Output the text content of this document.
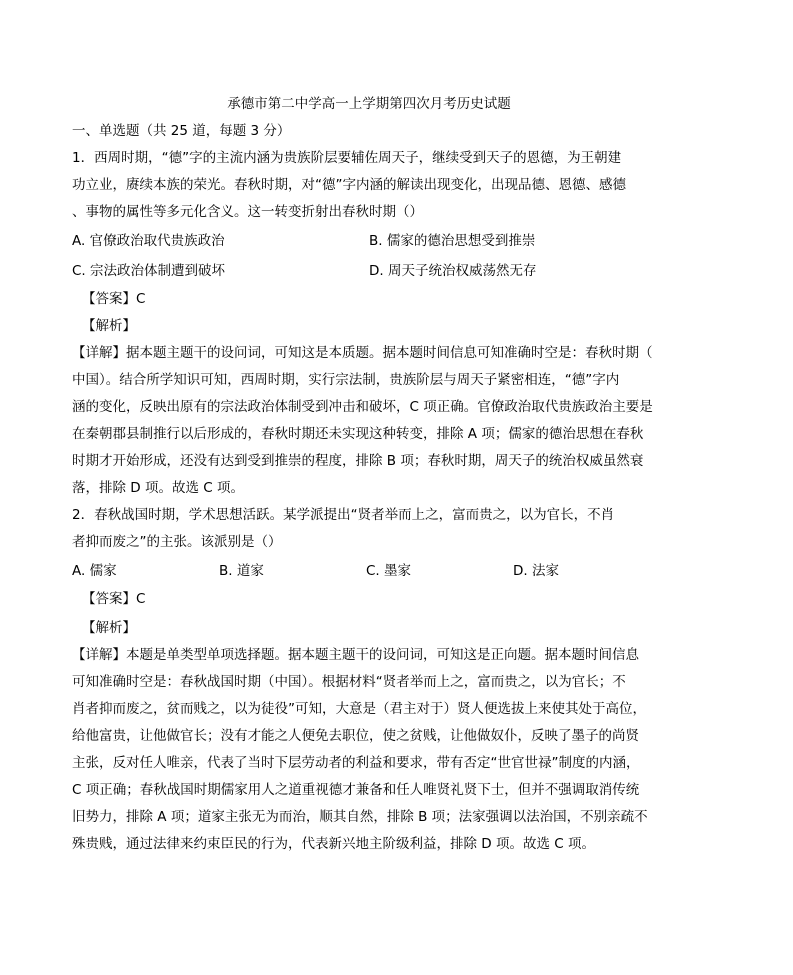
承德市第二中学高一上学期第四次月考历史试题
一、单选题（共 25 道，每题 3 分）
1．西周时期，“德”字的主流内涵为贵族阶层要辅佐周天子，继续受到天子的恩德，为王朝建
功立业，赓续本族的荣光。春秋时期，对“德”字内涵的解读出现变化，出现品德、恩德、感德
、事物的属性等多元化含义。这一转变折射出春秋时期（）
A. 官僚政治取代贵族政治	B. 儒家的德治思想受到推崇
C. 宗法政治体制遭到破坏	D. 周天子统治权威荡然无存
【答案】C
【解析】
【详解】据本题主题干的设问词，可知这是本质题。据本题时间信息可知准确时空是：春秋时期（
中国）。结合所学知识可知，西周时期，实行宗法制，贵族阶层与周天子紧密相连，“德”字内
涵的变化，反映出原有的宗法政治体制受到冲击和破坏，C 项正确。官僚政治取代贵族政治主要是
在秦朝郡县制推行以后形成的，春秋时期还未实现这种转变，排除 A 项；儒家的德治思想在春秋
时期才开始形成，还没有达到受到推崇的程度，排除 B 项；春秋时期，周天子的统治权威虽然衰
落，排除 D 项。故选 C 项。
2．春秋战国时期，学术思想活跃。某学派提出“贤者举而上之，富而贵之，以为官长，不肖
者抑而废之”的主张。该派别是（）
A. 儒家	B. 道家	C. 墨家	D. 法家
【答案】C
【解析】
【详解】本题是单类型单项选择题。据本题主题干的设问词，可知这是正向题。据本题时间信息
可知准确时空是：春秋战国时期（中国）。根据材料“贤者举而上之，富而贵之，以为官长；不
肖者抑而废之，贫而贱之，以为徒役”可知，大意是（君主对于）贤人便选拔上来使其处于高位，
给他富贵，让他做官长；没有才能之人便免去职位，使之贫贱，让他做奴仆，反映了墨子的尚贤
主张，反对任人唯亲，代表了当时下层劳动者的利益和要求，带有否定“世官世禄”制度的内涵，
C 项正确；春秋战国时期儒家用人之道重视德才兼备和任人唯贤礼贤下士，但并不强调取消传统
旧势力，排除 A 项；道家主张无为而治，顺其自然，排除 B 项；法家强调以法治国，不别亲疏不
殊贵贱，通过法律来约束臣民的行为，代表新兴地主阶级利益，排除 D 项。故选 C 项。
